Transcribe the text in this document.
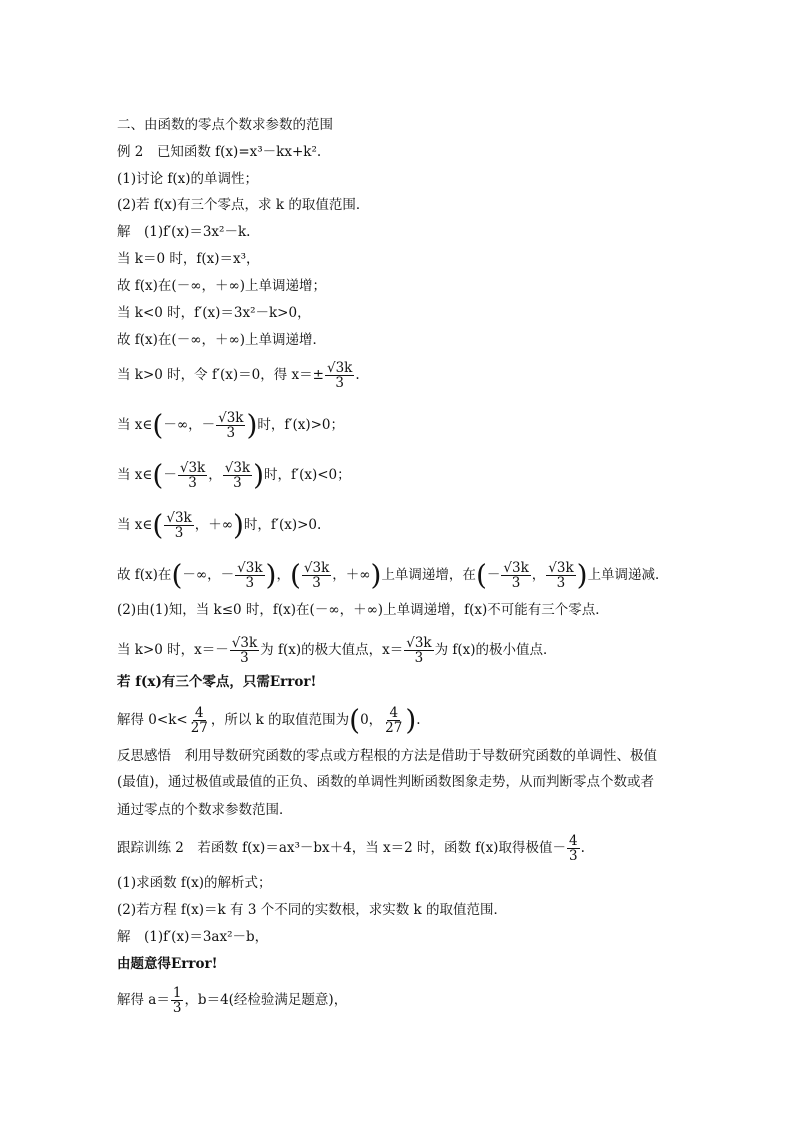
二、由函数的零点个数求参数的范围
例 2　已知函数 f(x)=x³－kx+k².
(1)讨论 f(x)的单调性；
(2)若 f(x)有三个零点，求 k 的取值范围．
解　(1)f′(x)＝3x²－k.
当 k＝0 时，f(x)＝x³，
故 f(x)在(－∞，＋∞)上单调递增；
当 k<0 时，f′(x)＝3x²－k>0，
故 f(x)在(－∞，＋∞)上单调递增．
当 k>0 时，令 f′(x)＝0，得 $x=\pm \frac{√3k}{3}$ .
当 x∈(－∞，－ $\frac{√3k}{3}$ )时，f′(x)>0；
当 x∈(－ $\frac{√3k}{3}$ ， $\frac{√3k}{3}$ )时，f′(x)<0；
当 x∈( $\frac{√3k}{3}$ ，＋∞)时，f′(x)>0.
故 f(x)在(－∞，－ $\frac{√3k}{3}$ )，( $\frac{√3k}{3}$ ，＋∞)上单调递增，在(－ $\frac{√3k}{3}$ ， $\frac{√3k}{3}$ )上单调递减．
(2)由(1)知，当 k≤0 时，f(x)在(－∞，＋∞)上单调递增，f(x)不可能有三个零点．
当 k>0 时，$x=- \frac{√3k}{3}$ 为 f(x)的极大值点，$x= \frac{√3k}{3}$ 为 f(x)的极小值点．
若 f(x)有三个零点，只需Error!
解得 $0<k< \frac{4}{27}$ ，所以 k 的取值范围为(0， $\frac{4}{27}$ ).
反思感悟　利用导数研究函数的零点或方程根的方法是借助于导数研究函数的单调性、极值
(最值)，通过极值或最值的正负、函数的单调性判断函数图象走势，从而判断零点个数或者
通过零点的个数求参数范围．
跟踪训练 2　若函数 f(x)＝ax³－bx＋4，当 x＝2 时，函数 f(x)取得极值－ $\frac{4}{3}$ .
(1)求函数 f(x)的解析式；
(2)若方程 f(x)＝k 有 3 个不同的实数根，求实数 k 的取值范围．
解　(1)f′(x)＝3ax²－b，
由题意得Error!
解得 $a= \frac{1}{3}$ ，b＝4(经检验满足题意)，
